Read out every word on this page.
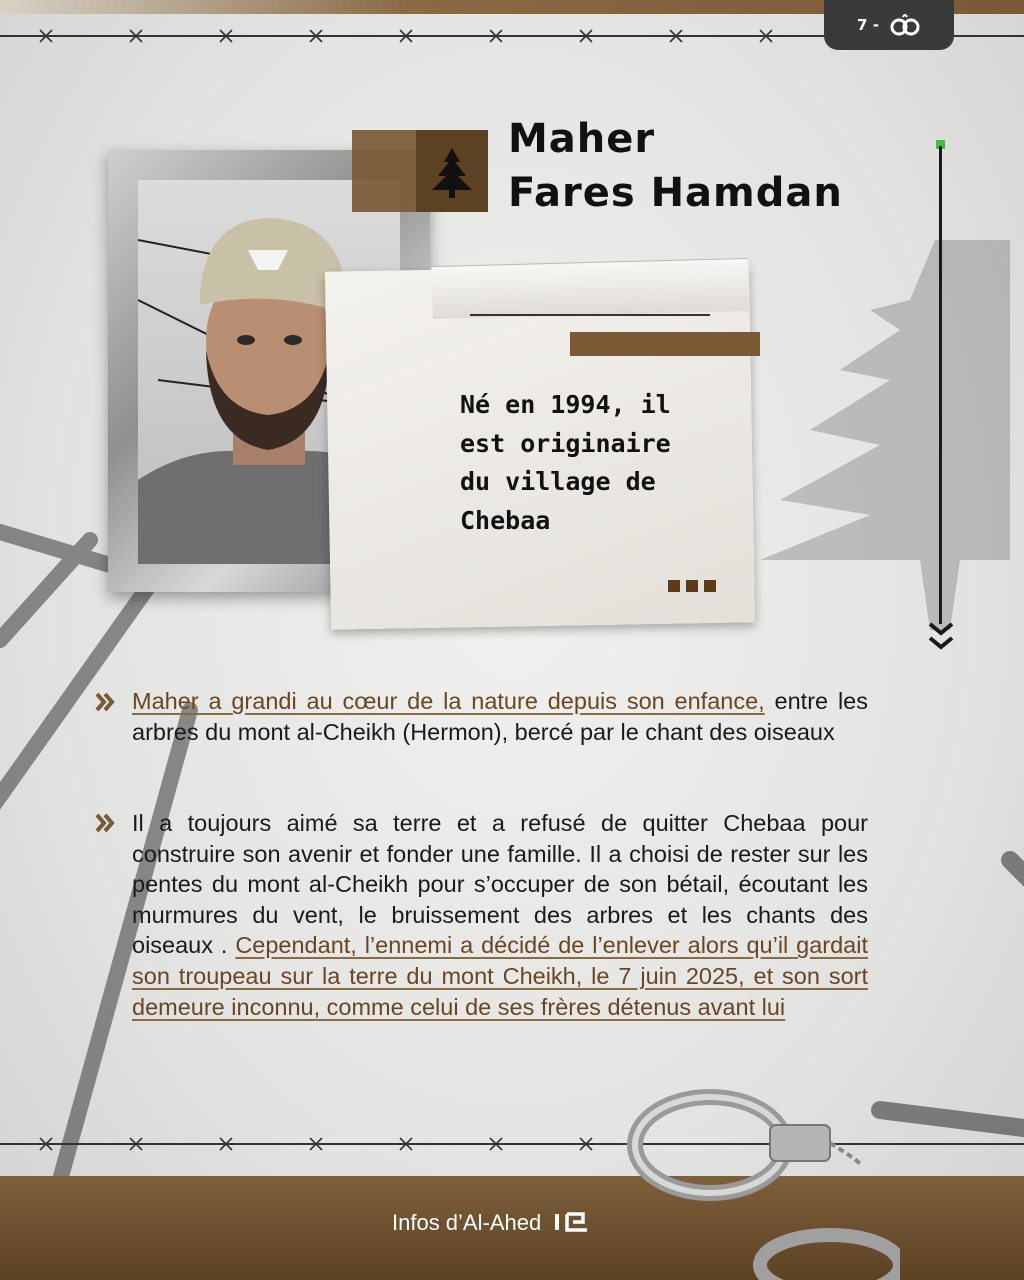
7 -
Maher
Fares Hamdan
Né en 1994, il
est originaire
du village de
Chebaa
Maher a grandi au cœur de la nature depuis son enfance, entre les arbres du mont al-Cheikh (Hermon), bercé par le chant des oiseaux
Il a toujours aimé sa terre et a refusé de quitter Chebaa pour construire son avenir et fonder une famille. Il a choisi de rester sur les pentes du mont al-Cheikh pour s’occuper de son bétail, écoutant les murmures du vent, le bruissement des arbres et les chants des oiseaux . Cependant, l’ennemi a décidé de l’enlever alors qu’il gardait son troupeau sur la terre du mont Cheikh, le 7 juin 2025, et son sort demeure inconnu, comme celui de ses frères détenus avant lui
Infos d’Al-Ahed
